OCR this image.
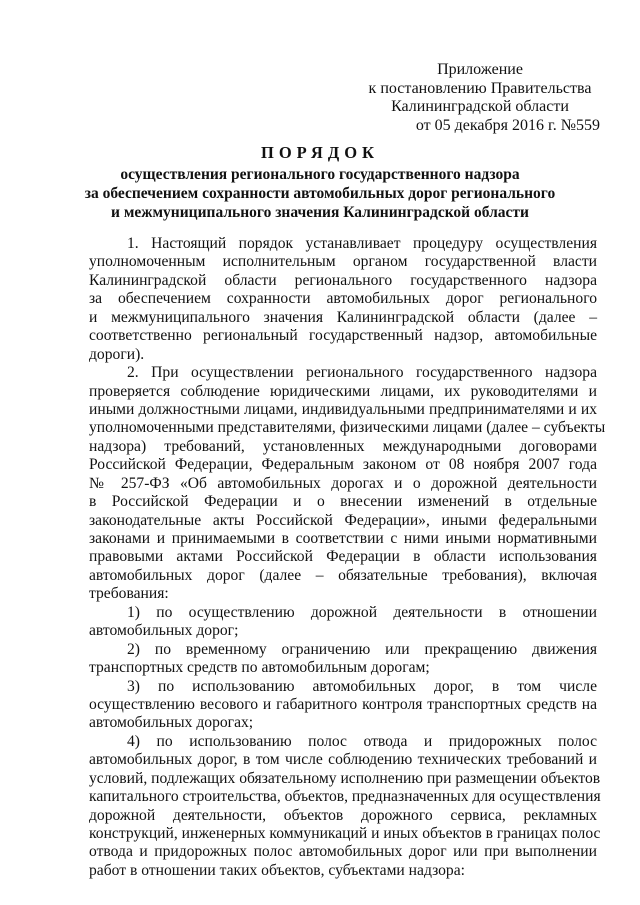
Приложение
к постановлению Правительства
Калининградской области
от 05 декабря 2016 г. №559
ПОРЯДОК
осуществления регионального государственного надзора
за обеспечением сохранности автомобильных дорог регионального
и межмуниципального значения Калининградской области
1. Настоящий порядок устанавливает процедуру осуществления
уполномоченным исполнительным органом государственной власти
Калининградской области регионального государственного надзора
за обеспечением сохранности автомобильных дорог регионального
и межмуниципального значения Калининградской области (далее –
соответственно региональный государственный надзор, автомобильные
дороги).
2. При осуществлении регионального государственного надзора
проверяется соблюдение юридическими лицами, их руководителями и
иными должностными лицами, индивидуальными предпринимателями и их
уполномоченными представителями, физическими лицами (далее – субъекты
надзора) требований, установленных международными договорами
Российской Федерации, Федеральным законом от 08 ноября 2007 года
№ 257-ФЗ «Об автомобильных дорогах и о дорожной деятельности
в Российской Федерации и о внесении изменений в отдельные
законодательные акты Российской Федерации», иными федеральными
законами и принимаемыми в соответствии с ними иными нормативными
правовыми актами Российской Федерации в области использования
автомобильных дорог (далее – обязательные требования), включая
требования:
1) по осуществлению дорожной деятельности в отношении
автомобильных дорог;
2) по временному ограничению или прекращению движения
транспортных средств по автомобильным дорогам;
3) по использованию автомобильных дорог, в том числе
осуществлению весового и габаритного контроля транспортных средств на
автомобильных дорогах;
4) по использованию полос отвода и придорожных полос
автомобильных дорог, в том числе соблюдению технических требований и
условий, подлежащих обязательному исполнению при размещении объектов
капитального строительства, объектов, предназначенных для осуществления
дорожной деятельности, объектов дорожного сервиса, рекламных
конструкций, инженерных коммуникаций и иных объектов в границах полос
отвода и придорожных полос автомобильных дорог или при выполнении
работ в отношении таких объектов, субъектами надзора:
